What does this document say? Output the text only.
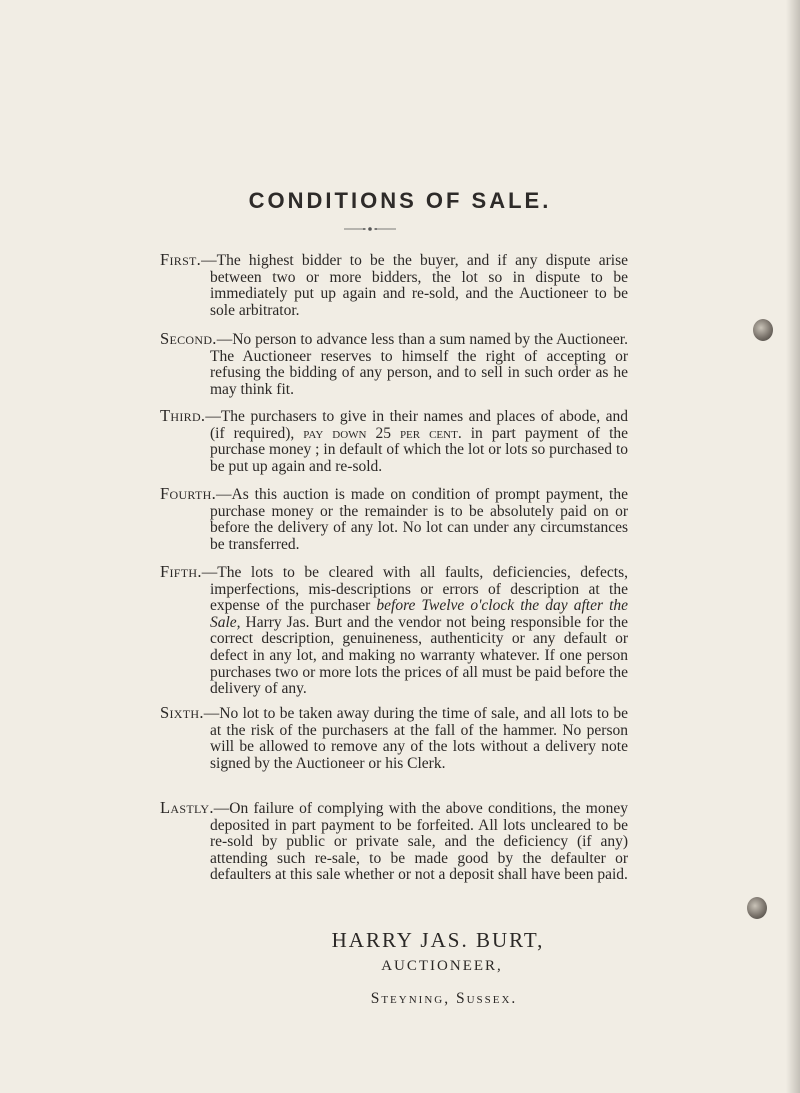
CONDITIONS OF SALE.

First.—The highest bidder to be the buyer, and if any dispute arise between two or more bidders, the lot so in dispute to be immediately put up again and re-sold, and the Auctioneer to be sole arbitrator.

Second.—No person to advance less than a sum named by the Auctioneer. The Auctioneer reserves to himself the right of accepting or refusing the bidding of any person, and to sell in such order as he may think fit.

Third.—The purchasers to give in their names and places of abode, and (if required), pay down 25 per cent. in part payment of the purchase money ; in default of which the lot or lots so purchased to be put up again and re-sold.

Fourth.—As this auction is made on condition of prompt payment, the purchase money or the remainder is to be absolutely paid on or before the delivery of any lot. No lot can under any circumstances be transferred.

Fifth.—The lots to be cleared with all faults, deficiencies, defects, imperfections, mis-descriptions or errors of description at the expense of the purchaser before Twelve o'clock the day after the Sale, Harry Jas. Burt and the vendor not being responsible for the correct description, genuineness, authenticity or any default or defect in any lot, and making no warranty whatever. If one person purchases two or more lots the prices of all must be paid before the delivery of any.

Sixth.—No lot to be taken away during the time of sale, and all lots to be at the risk of the purchasers at the fall of the hammer. No person will be allowed to remove any of the lots without a delivery note signed by the Auctioneer or his Clerk.

Lastly.—On failure of complying with the above conditions, the money deposited in part payment to be forfeited. All lots uncleared to be re-sold by public or private sale, and the deficiency (if any) attending such re-sale, to be made good by the defaulter or defaulters at this sale whether or not a deposit shall have been paid.

HARRY JAS. BURT,
AUCTIONEER,
Steyning, Sussex.
